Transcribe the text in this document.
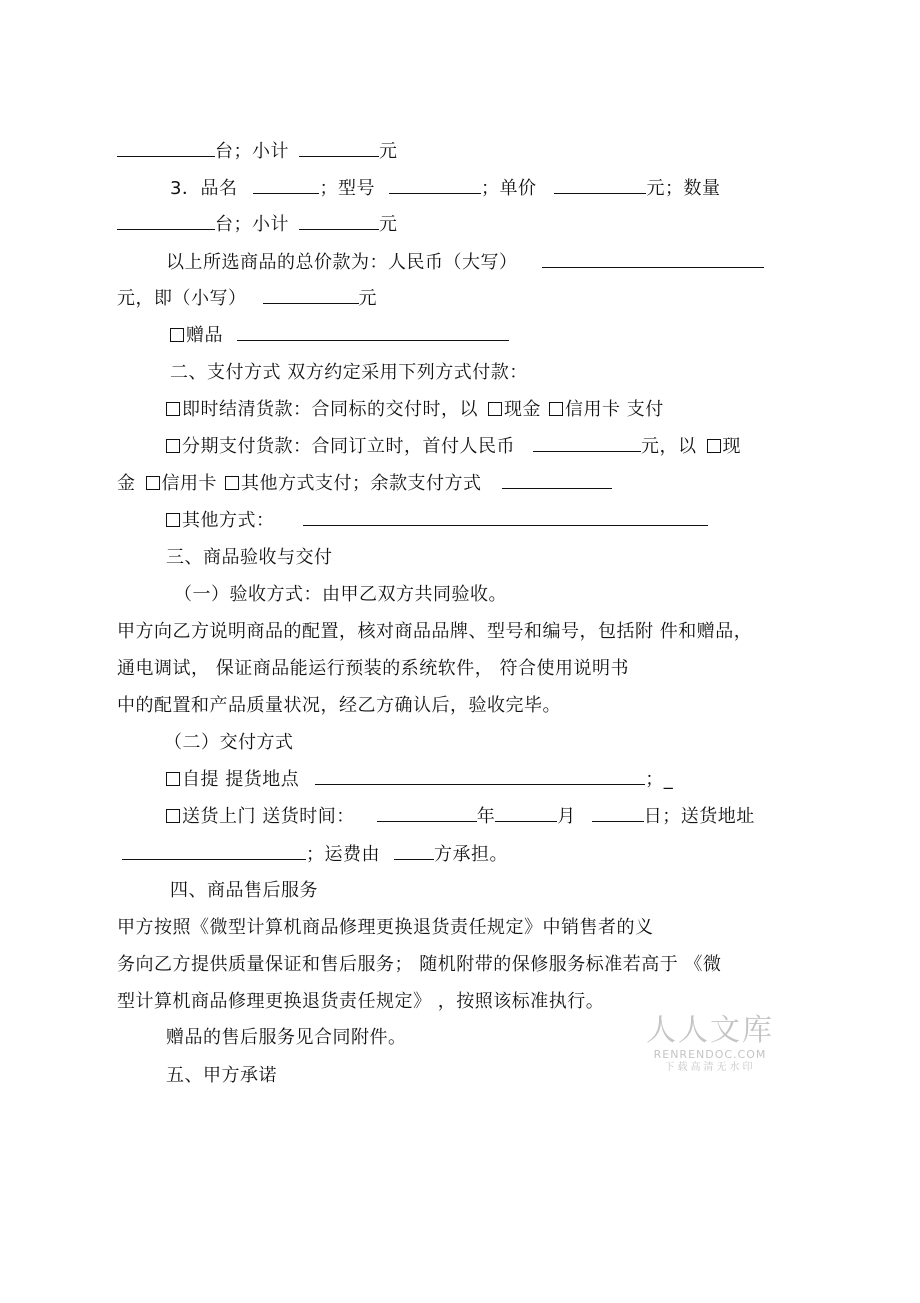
台；小计	元
3．品名	；型号	；单价	元；数量
台；小计	元
以上所选商品的总价款为：人民币（大写）
元，即（小写）	元
赠品
二、支付方式 双方约定采用下列方式付款：
即时结清货款：合同标的交付时，以 现金 信用卡 支付
分期支付货款：合同订立时，首付人民币	元，以 现
金 信用卡 其他方式支付；余款支付方式
其他方式：
三、商品验收与交付
（一）验收方式：由甲乙双方共同验收。
甲方向乙方说明商品的配置，核对商品品牌、型号和编号，包括附 件和赠品，
通电调试， 保证商品能运行预装的系统软件， 符合使用说明书
中的配置和产品质量状况，经乙方确认后，验收完毕。
（二）交付方式
自提 提货地点	；_
送货上门 送货时间：	年	月	日；送货地址
；运费由	方承担。
四、商品售后服务
甲方按照《微型计算机商品修理更换退货责任规定》中销售者的义
务向乙方提供质量保证和售后服务； 随机附带的保修服务标准若高于 《微
型计算机商品修理更换退货责任规定》 ，按照该标准执行。
赠品的售后服务见合同附件。
五、甲方承诺
人人文库
RENRENDOC.COM
下载高清无水印
